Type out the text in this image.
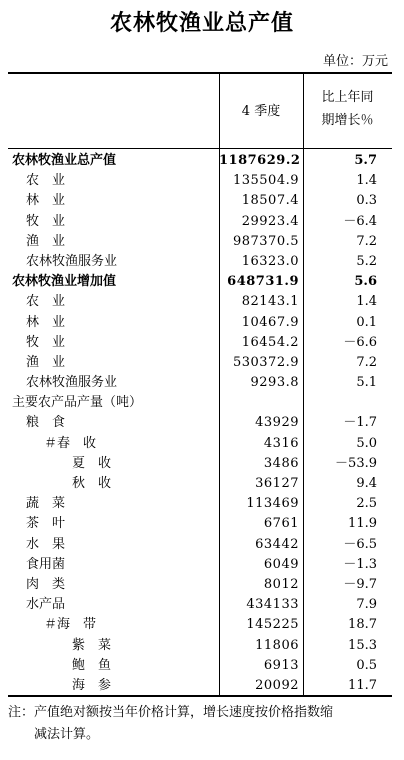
农林牧渔业总产值
单位：万元
4 季度
比上年同
期增长％
农林牧渔业总产值	1187629.2	5.7
农　业	135504.9	1.4
林　业	18507.4	0.3
牧　业	29923.4	－6.4
渔　业	987370.5	7.2
农林牧渔服务业	16323.0	5.2
农林牧渔业增加值	648731.9	5.6
农　业	82143.1	1.4
林　业	10467.9	0.1
牧　业	16454.2	－6.6
渔　业	530372.9	7.2
农林牧渔服务业	9293.8	5.1
主要农产品产量（吨）
粮　食	43929	－1.7
＃春　收	4316	5.0
夏　收	3486	－53.9
秋　收	36127	9.4
蔬　菜	113469	2.5
茶　叶	6761	11.9
水　果	63442	－6.5
食用菌	6049	－1.3
肉　类	8012	－9.7
水产品	434133	7.9
＃海　带	145225	18.7
紫　菜	11806	15.3
鲍　鱼	6913	0.5
海　参	20092	11.7
注：产值绝对额按当年价格计算，增长速度按价格指数缩
减法计算。
